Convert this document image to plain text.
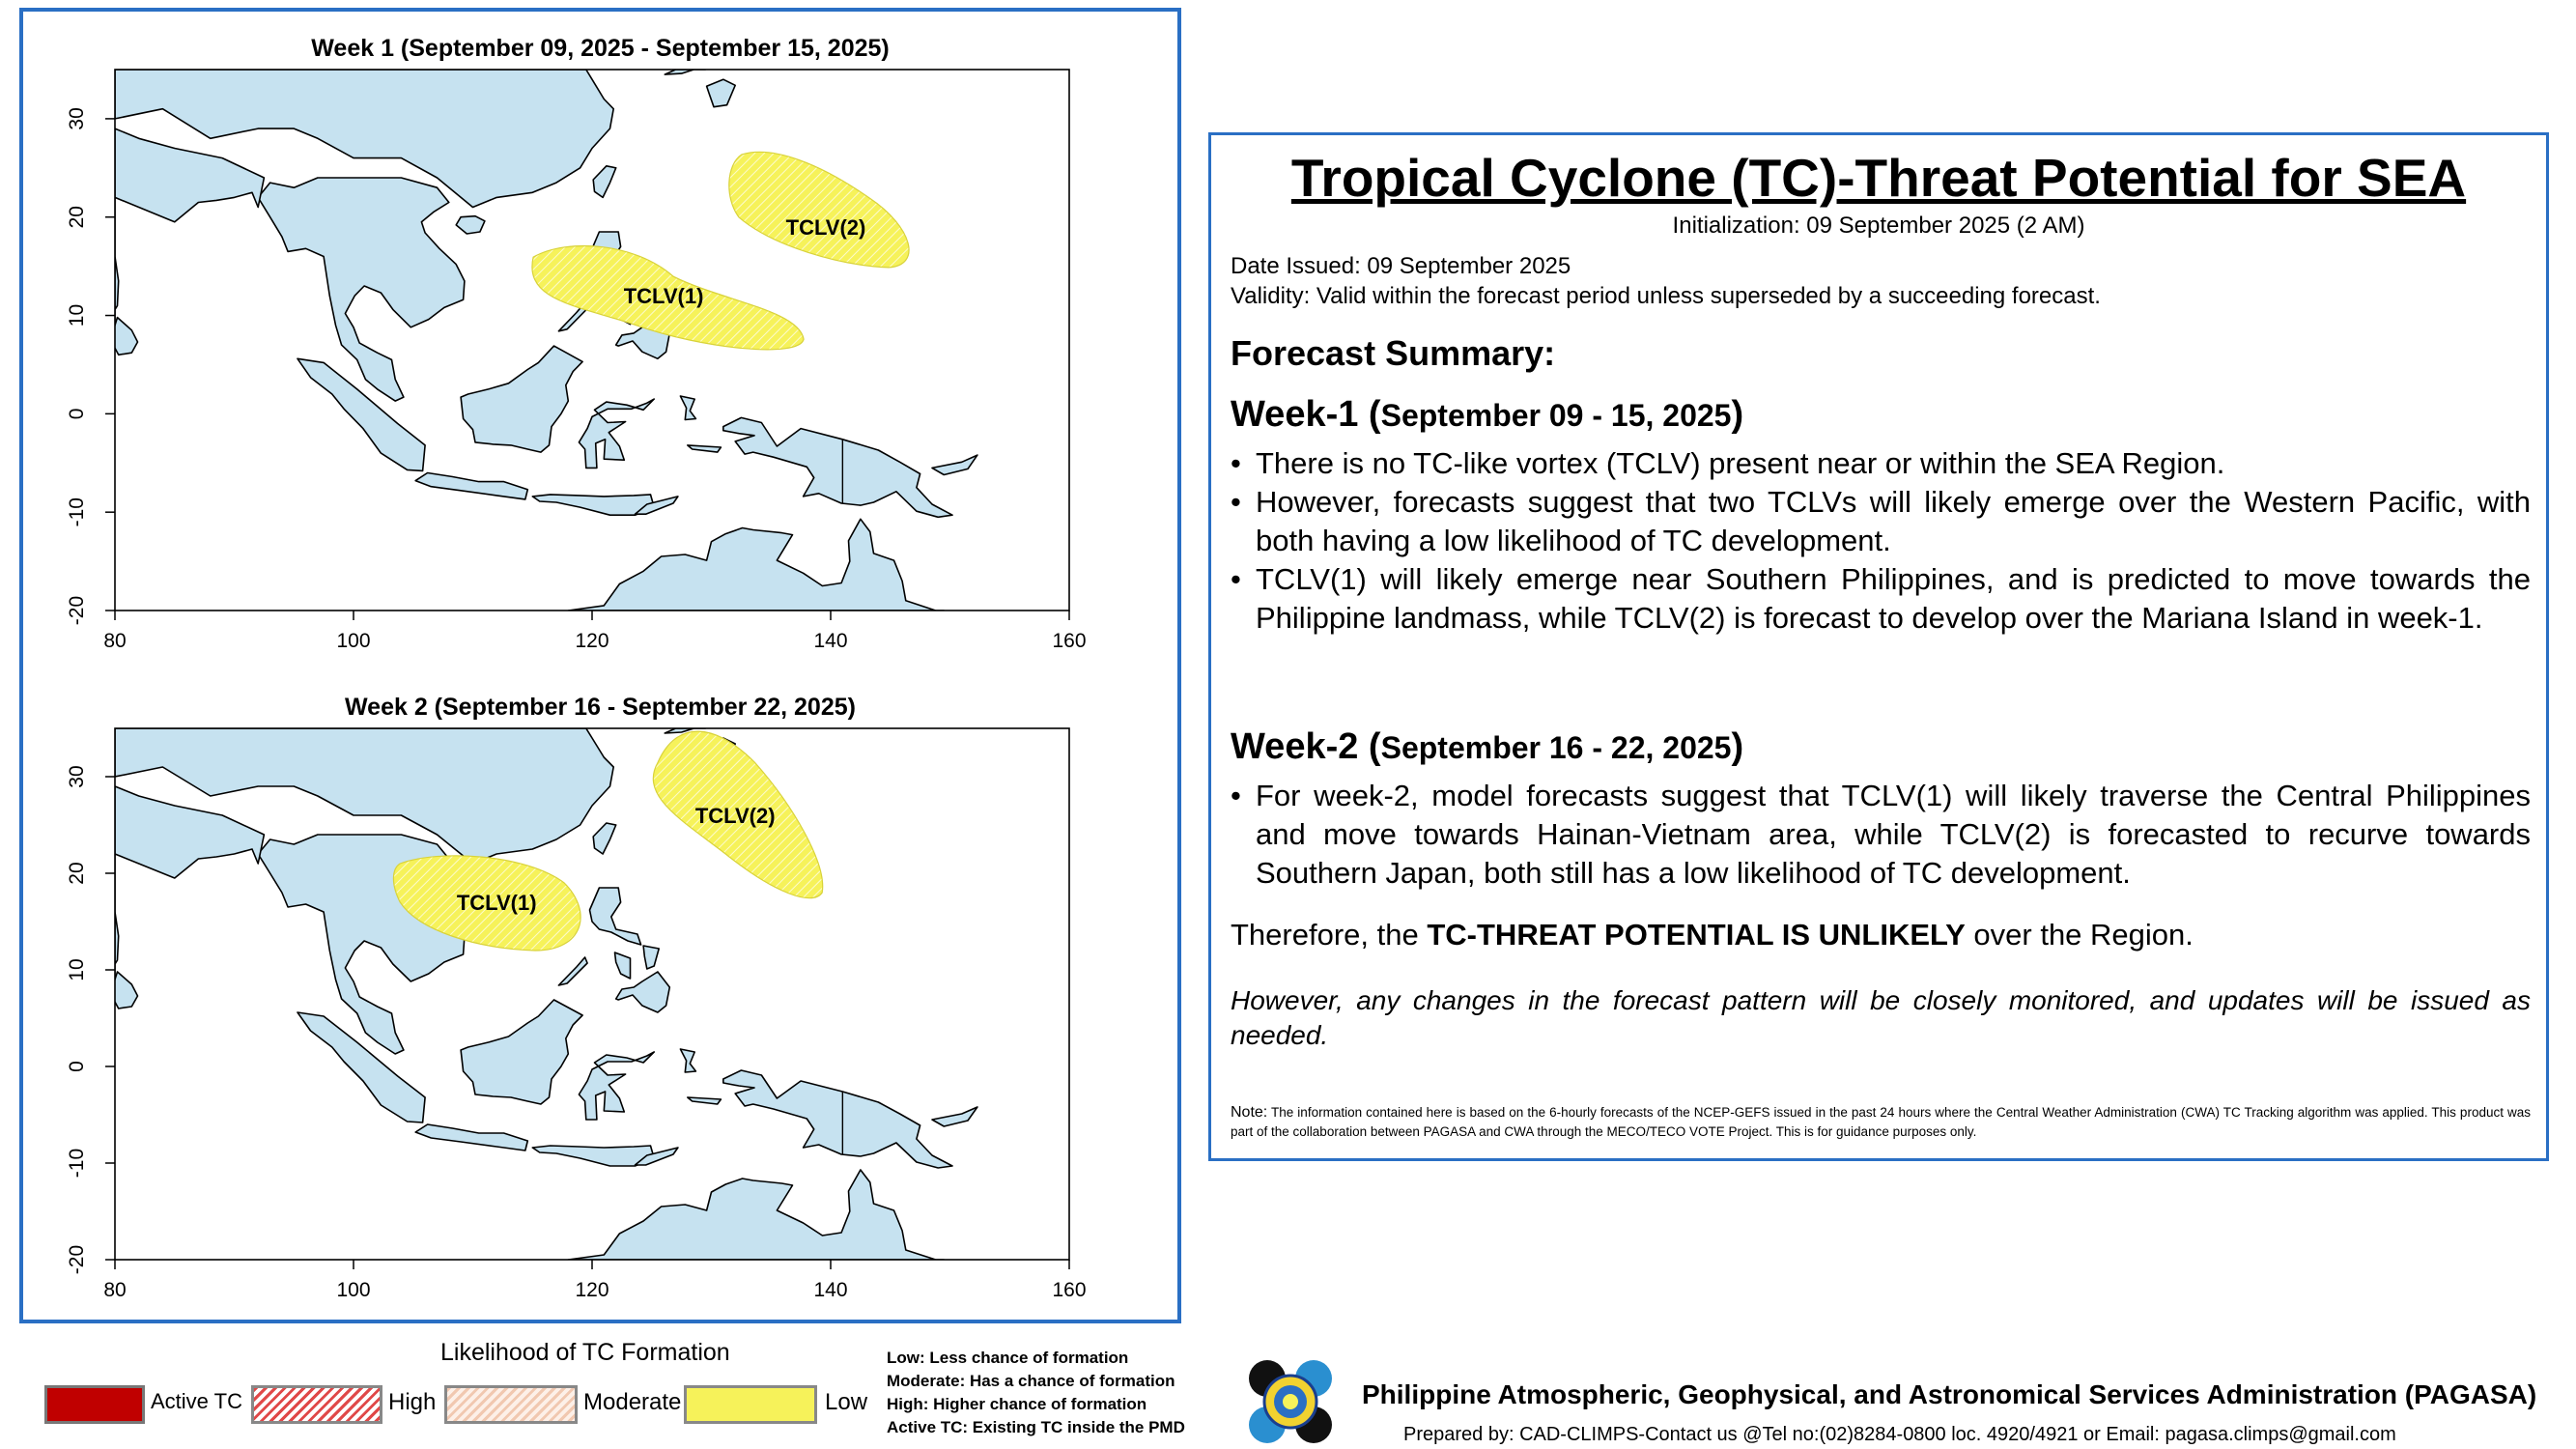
Week 1 (September 09, 2025 - September 15, 2025)
TCLV(1)
TCLV(2)
80	100	120	140	160
-20
-10
0
10
20
30
Week 2 (September 16 - September 22, 2025)
TCLV(1)
TCLV(2)
80	100	120	140	160
-20
-10
0
10
20
30
Tropical Cyclone (TC)-Threat Potential for SEA
Initialization: 09 September 2025 (2 AM)
Date Issued: 09 September 2025
Validity: Valid within the forecast period unless superseded by a succeeding forecast.
Forecast Summary:
Week-1 (September 09 - 15, 2025)
• There is no TC-like vortex (TCLV) present near or within the SEA Region.
• However, forecasts suggest that two TCLVs will likely emerge over the Western Pacific, with both having a low likelihood of TC development.
• TCLV(1) will likely emerge near Southern Philippines, and is predicted to move towards the Philippine landmass, while TCLV(2) is forecast to develop over the Mariana Island in week-1.
Week-2 (September 16 - 22, 2025)
• For week-2, model forecasts suggest that TCLV(1) will likely traverse the Central Philippines and move towards Hainan-Vietnam area, while TCLV(2) is forecasted to recurve towards Southern Japan, both still has a low likelihood of TC development.
Therefore, the TC-THREAT POTENTIAL IS UNLIKELY over the Region.
However, any changes in the forecast pattern will be closely monitored, and updates will be issued as needed.
Note: The information contained here is based on the 6-hourly forecasts of the NCEP-GEFS issued in the past 24 hours where the Central Weather Administration (CWA) TC Tracking algorithm was applied. This product was part of the collaboration between PAGASA and CWA through the MECO/TECO VOTE Project. This is for guidance purposes only.
Likelihood of TC Formation
Active TC	High	Moderate	Low
Low: Less chance of formation
Moderate: Has a chance of formation
High: Higher chance of formation
Active TC: Existing TC inside the PMD
Philippine Atmospheric, Geophysical, and Astronomical Services Administration (PAGASA)
Prepared by: CAD-CLIMPS-Contact us @Tel no:(02)8284-0800 loc. 4920/4921 or Email: pagasa.climps@gmail.com
